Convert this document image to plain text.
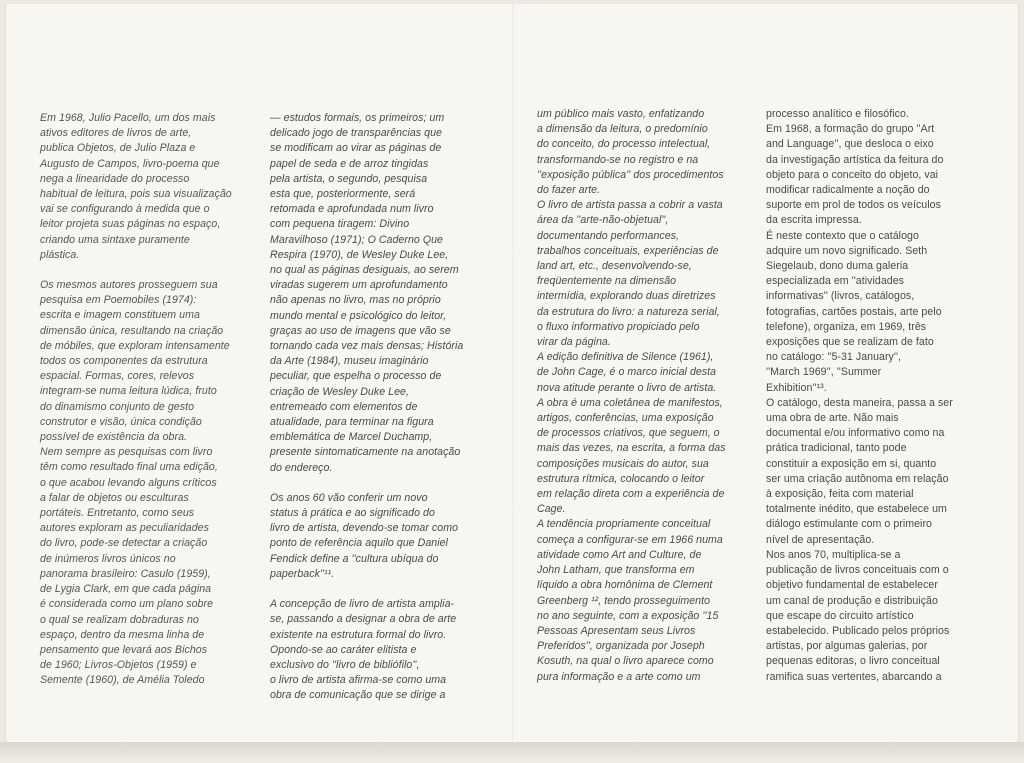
Em 1968, Julio Pacello, um dos mais

ativos editores de livros de arte,

publica Objetos, de Julio Plaza e

Augusto de Campos, livro-poema que

nega a linearidade do processo

habitual de leitura, pois sua visualização

vai se configurando à medida que o

leitor projeta suas páginas no espaço,

criando uma sintaxe puramente

plástica.

Os mesmos autores prosseguem sua

pesquisa em Poemobiles (1974):

escrita e imagem constituem uma

dimensão única, resultando na criação

de móbiles, que exploram intensamente

todos os componentes da estrutura

espacial. Formas, cores, relevos

integram-se numa leitura lúdica, fruto

do dinamismo conjunto de gesto

construtor e visão, única condição

possível de existência da obra.

Nem sempre as pesquisas com livro

têm como resultado final uma edição,

o que acabou levando alguns críticos

a falar de objetos ou esculturas

portáteis. Entretanto, como seus

autores exploram as peculiaridades

do livro, pode-se detectar a criação

de inúmeros livros únicos no

panorama brasileiro: Casulo (1959),

de Lygia Clark, em que cada página

é considerada como um plano sobre

o qual se realizam dobraduras no

espaço, dentro da mesma linha de

pensamento que levará aos Bichos

de 1960; Livros-Objetos (1959) e

Semente (1960), de Amélia Toledo

— estudos formais, os primeiros; um

delicado jogo de transparências que

se modificam ao virar as páginas de

papel de seda e de arroz tingidas

pela artista, o segundo, pesquisa

esta que, posteriormente, será

retomada e aprofundada num livro

com pequena tiragem: Divino

Maravilhoso (1971); O Caderno Que

Respira (1970), de Wesley Duke Lee,

no qual as páginas desiguais, ao serem

viradas sugerem um aprofundamento

não apenas no livro, mas no próprio

mundo mental e psicológico do leitor,

graças ao uso de imagens que vão se

tornando cada vez mais densas; História

da Arte (1984), museu imaginário

peculiar, que espelha o processo de

criação de Wesley Duke Lee,

entremeado com elementos de

atualidade, para terminar na figura

emblemática de Marcel Duchamp,

presente sintomaticamente na anotação

do endereço.

Os anos 60 vão conferir um novo

status à prática e ao significado do

livro de artista, devendo-se tomar como

ponto de referência aquilo que Daniel

Fendick define a ''cultura ubíqua do

paperback''¹¹.

A concepção de livro de artista amplia-

se, passando a designar a obra de arte

existente na estrutura formal do livro.

Opondo-se ao caráter elitista e

exclusivo do ''livro de bibliófilo'',

o livro de artista afirma-se como uma

obra de comunicação que se dirige a

um público mais vasto, enfatizando

a dimensão da leitura, o predomínio

do conceito, do processo intelectual,

transformando-se no registro e na

''exposição pública'' dos procedimentos

do fazer arte.

O livro de artista passa a cobrir a vasta

área da ''arte-não-objetual'',

documentando performances,

trabalhos conceituais, experiências de

land art, etc., desenvolvendo-se,

freqüentemente na dimensão

intermídia, explorando duas diretrizes

da estrutura do livro: a natureza serial,

o fluxo informativo propiciado pelo

virar da página.

A edição definitiva de Silence (1961),

de John Cage, é o marco inicial desta

nova atitude perante o livro de artista.

A obra é uma coletânea de manifestos,

artigos, conferências, uma exposição

de processos criativos, que seguem, o

mais das vezes, na escrita, a forma das

composições musicais do autor, sua

estrutura rítmica, colocando o leitor

em relação direta com a experiência de

Cage.

A tendência propriamente conceitual

começa a configurar-se em 1966 numa

atividade como Art and Culture, de

John Latham, que transforma em

líquido a obra homônima de Clement

Greenberg ¹², tendo prosseguimento

no ano seguinte, com a exposição ''15

Pessoas Apresentam seus Livros

Preferidos'', organizada por Joseph

Kosuth, na qual o livro aparece como

pura informação e a arte como um

processo analítico e filosófico.

Em 1968, a formação do grupo ''Art

and Language'', que desloca o eixo

da investigação artística da feitura do

objeto para o conceito do objeto, vai

modificar radicalmente a noção do

suporte em prol de todos os veículos

da escrita impressa.

É neste contexto que o catálogo

adquire um novo significado. Seth

Siegelaub, dono duma galeria

especializada em ''atividades

informativas'' (livros, catálogos,

fotografias, cartões postais, arte pelo

telefone), organiza, em 1969, três

exposições que se realizam de fato

no catálogo: ''5-31 January'',

''March 1969'', ''Summer

Exhibition''¹³.

O catálogo, desta maneira, passa a ser

uma obra de arte. Não mais

documental e/ou informativo como na

prática tradicional, tanto pode

constituir a exposição em si, quanto

ser uma criação autônoma em relação

à exposição, feita com material

totalmente inédito, que estabelece um

diálogo estimulante com o primeiro

nível de apresentação.

Nos anos 70, multiplica-se a

publicação de livros conceituais com o

objetivo fundamental de estabelecer

um canal de produção e distribuição

que escape do circuito artístico

estabelecido. Publicado pelos próprios

artistas, por algumas galerias, por

pequenas editoras, o livro conceitual

ramifica suas vertentes, abarcando a
